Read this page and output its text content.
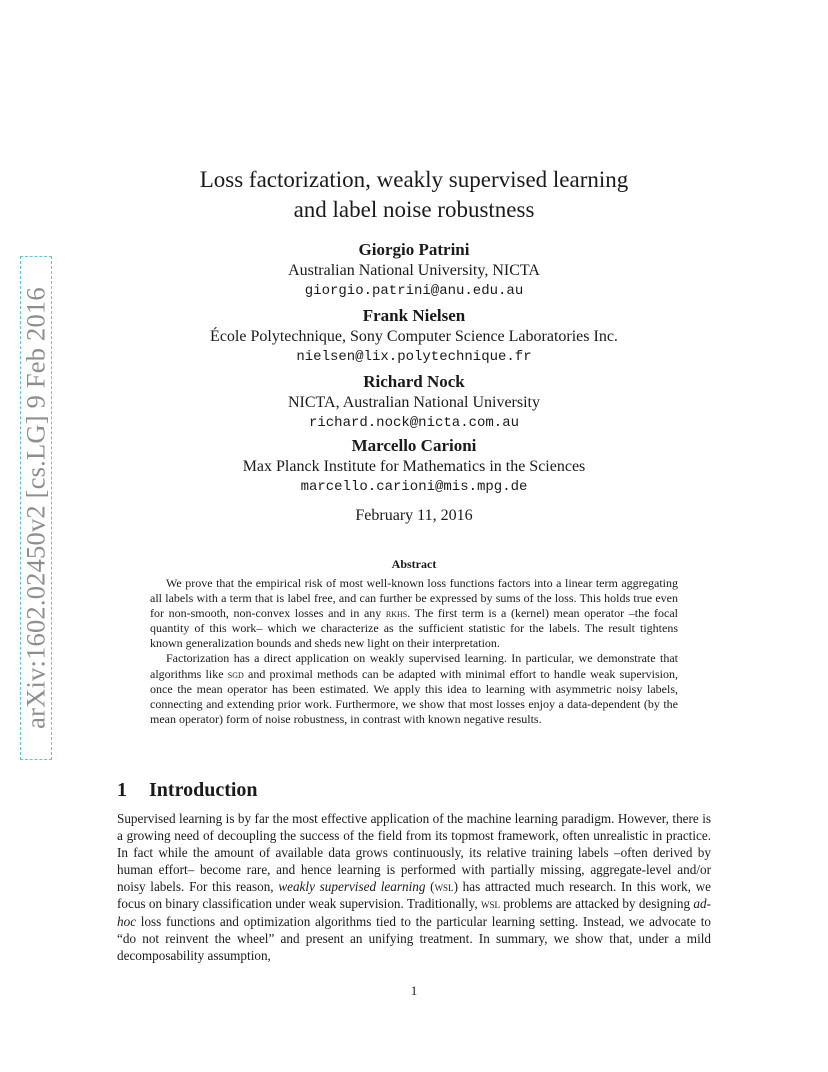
arXiv:1602.02450v2 [cs.LG] 9 Feb 2016
Loss factorization, weakly supervised learning
and label noise robustness
Giorgio Patrini
Australian National University, NICTA
giorgio.patrini@anu.edu.au
Frank Nielsen
École Polytechnique, Sony Computer Science Laboratories Inc.
nielsen@lix.polytechnique.fr
Richard Nock
NICTA, Australian National University
richard.nock@nicta.com.au
Marcello Carioni
Max Planck Institute for Mathematics in the Sciences
marcello.carioni@mis.mpg.de
February 11, 2016
Abstract

We prove that the empirical risk of most well-known loss functions factors into a linear term aggregating all labels with a term that is label free, and can further be expressed by sums of the loss. This holds true even for non-smooth, non-convex losses and in any rkhs. The first term is a (kernel) mean operator –the focal quantity of this work– which we characterize as the sufficient statistic for the labels. The result tightens known generalization bounds and sheds new light on their interpretation.

Factorization has a direct application on weakly supervised learning. In particular, we demonstrate that algorithms like sgd and proximal methods can be adapted with minimal effort to handle weak supervision, once the mean operator has been estimated. We apply this idea to learning with asymmetric noisy labels, connecting and extending prior work. Furthermore, we show that most losses enjoy a data-dependent (by the mean operator) form of noise robustness, in contrast with known negative results.

1 Introduction

Supervised learning is by far the most effective application of the machine learning paradigm. However, there is a growing need of decoupling the success of the field from its topmost framework, often unrealistic in practice. In fact while the amount of available data grows continuously, its relative training labels –often derived by human effort– become rare, and hence learning is performed with partially missing, aggregate-level and/or noisy labels. For this reason, weakly supervised learning (wsl) has attracted much research. In this work, we focus on binary classification under weak supervision. Traditionally, wsl problems are attacked by designing ad-hoc loss functions and optimization algorithms tied to the particular learning setting. Instead, we advocate to “do not reinvent the wheel” and present an unifying treatment. In summary, we show that, under a mild decomposability assumption,

1
